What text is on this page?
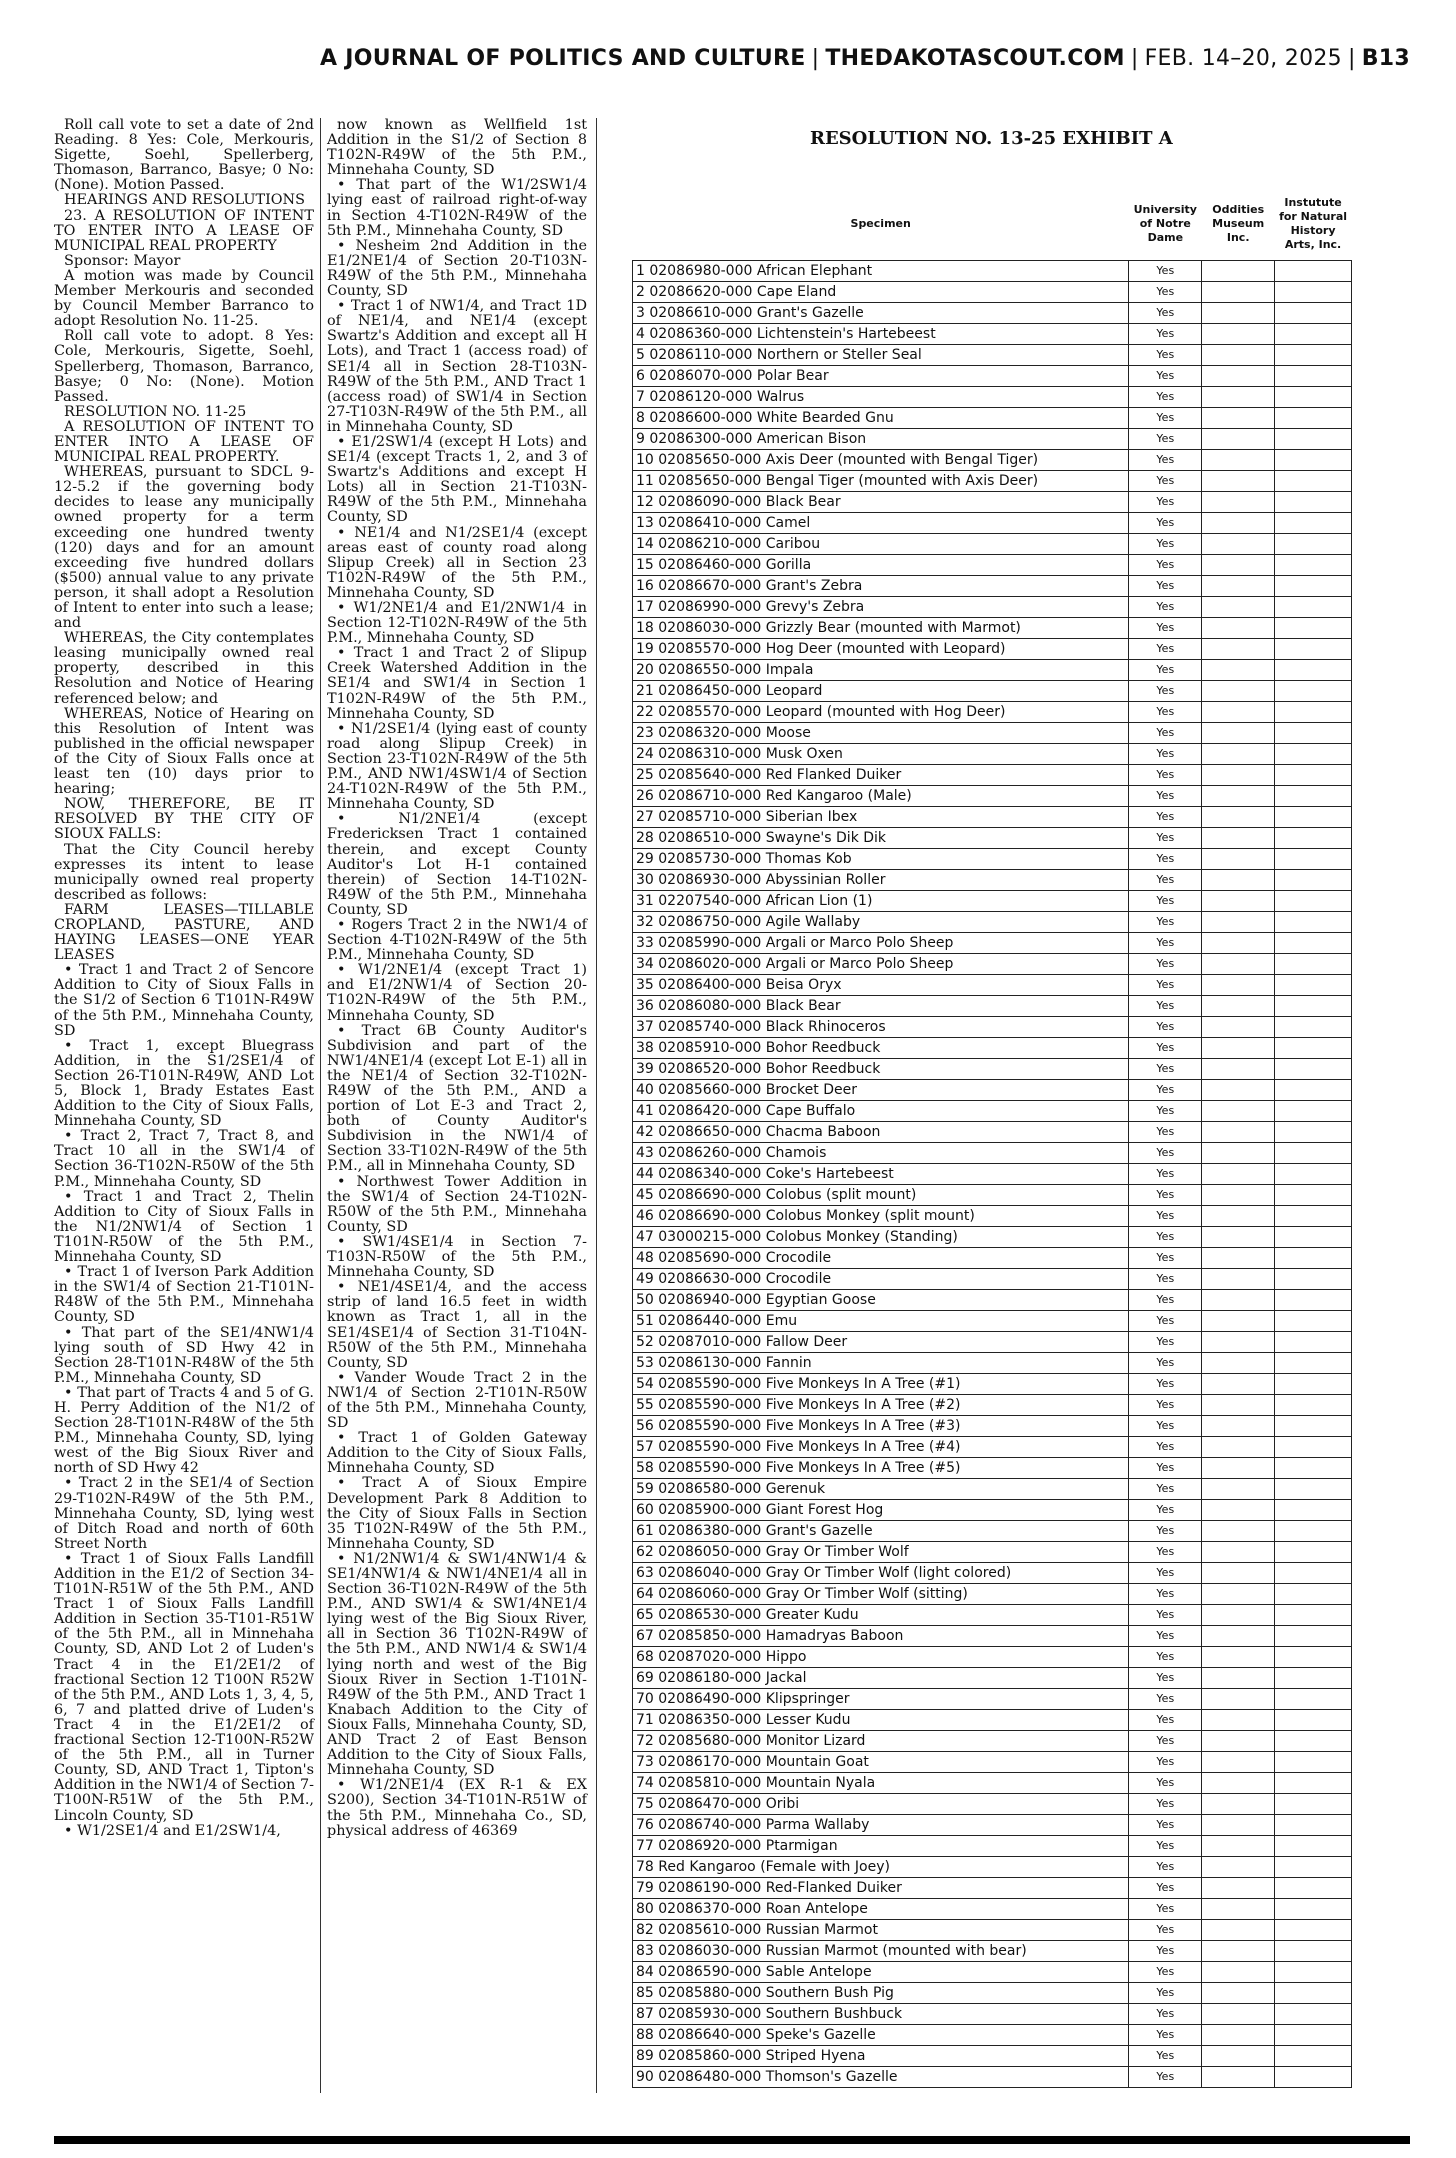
A JOURNAL OF POLITICS AND CULTURE | THEDAKOTASCOUT.COM | FEB. 14–20, 2025 | B13

Roll call vote to set a date of 2nd Reading. 8 Yes: Cole, Merkouris, Sigette, Soehl, Spellerberg, Thomason, Barranco, Basye; 0 No: (None). Motion Passed.

HEARINGS AND RESOLUTIONS

23. A RESOLUTION OF INTENT TO ENTER INTO A LEASE OF MUNICIPAL REAL PROPERTY

Sponsor: Mayor

A motion was made by Council Member Merkouris and seconded by Council Member Barranco to adopt Resolution No. 11-25.

Roll call vote to adopt. 8 Yes: Cole, Merkouris, Sigette, Soehl, Spellerberg, Thomason, Barranco, Basye; 0 No: (None). Motion Passed.

RESOLUTION NO. 11-25

A RESOLUTION OF INTENT TO ENTER INTO A LEASE OF MUNICIPAL REAL PROPERTY.

WHEREAS, pursuant to SDCL 9-12-5.2 if the governing body decides to lease any municipally owned property for a term exceeding one hundred twenty (120) days and for an amount exceeding five hundred dollars ($500) annual value to any private person, it shall adopt a Resolution of Intent to enter into such a lease; and

WHEREAS, the City contemplates leasing municipally owned real property, described in this Resolution and Notice of Hearing referenced below; and

WHEREAS, Notice of Hearing on this Resolution of Intent was published in the official newspaper of the City of Sioux Falls once at least ten (10) days prior to hearing;

NOW, THEREFORE, BE IT RESOLVED BY THE CITY OF SIOUX FALLS:

That the City Council hereby expresses its intent to lease municipally owned real property described as follows:

FARM LEASES—TILLABLE CROPLAND, PASTURE, AND HAYING LEASES—ONE YEAR LEASES

• Tract 1 and Tract 2 of Sencore Addition to City of Sioux Falls in the S1/2 of Section 6 T101N-R49W of the 5th P.M., Minnehaha County, SD

• Tract 1, except Bluegrass Addition, in the S1/2SE1/4 of Section 26-T101N-R49W, AND Lot 5, Block 1, Brady Estates East Addition to the City of Sioux Falls, Minnehaha County, SD

• Tract 2, Tract 7, Tract 8, and Tract 10 all in the SW1/4 of Section 36-T102N-R50W of the 5th P.M., Minnehaha County, SD

• Tract 1 and Tract 2, Thelin Addition to City of Sioux Falls in the N1/2NW1/4 of Section 1 T101N-R50W of the 5th P.M., Minnehaha County, SD

• Tract 1 of Iverson Park Addition in the SW1/4 of Section 21-T101N-R48W of the 5th P.M., Minnehaha County, SD

• That part of the SE1/4NW1/4 lying south of SD Hwy 42 in Section 28-T101N-R48W of the 5th P.M., Minnehaha County, SD

• That part of Tracts 4 and 5 of G. H. Perry Addition of the N1/2 of Section 28-T101N-R48W of the 5th P.M., Minnehaha County, SD, lying west of the Big Sioux River and north of SD Hwy 42

• Tract 2 in the SE1/4 of Section 29-T102N-R49W of the 5th P.M., Minnehaha County, SD, lying west of Ditch Road and north of 60th Street North

• Tract 1 of Sioux Falls Landfill Addition in the E1/2 of Section 34-T101N-R51W of the 5th P.M., AND Tract 1 of Sioux Falls Landfill Addition in Section 35-T101-R51W of the 5th P.M., all in Minnehaha County, SD, AND Lot 2 of Luden's Tract 4 in the E1/2E1/2 of fractional Section 12 T100N R52W of the 5th P.M., AND Lots 1, 3, 4, 5, 6, 7 and platted drive of Luden's Tract 4 in the E1/2E1/2 of fractional Section 12-T100N-R52W of the 5th P.M., all in Turner County, SD, AND Tract 1, Tipton's Addition in the NW1/4 of Section 7-T100N-R51W of the 5th P.M., Lincoln County, SD

• W1/2SE1/4 and E1/2SW1/4,

now known as Wellfield 1st Addition in the S1/2 of Section 8 T102N-R49W of the 5th P.M., Minnehaha County, SD

• That part of the W1/2SW1/4 lying east of railroad right-of-way in Section 4-T102N-R49W of the 5th P.M., Minnehaha County, SD

• Nesheim 2nd Addition in the E1/2NE1/4 of Section 20-T103N-R49W of the 5th P.M., Minnehaha County, SD

• Tract 1 of NW1/4, and Tract 1D of NE1/4, and NE1/4 (except Swartz's Addition and except all H Lots), and Tract 1 (access road) of SE1/4 all in Section 28-T103N-R49W of the 5th P.M., AND Tract 1 (access road) of SW1/4 in Section 27-T103N-R49W of the 5th P.M., all in Minnehaha County, SD

• E1/2SW1/4 (except H Lots) and SE1/4 (except Tracts 1, 2, and 3 of Swartz's Additions and except H Lots) all in Section 21-T103N-R49W of the 5th P.M., Minnehaha County, SD

• NE1/4 and N1/2SE1/4 (except areas east of county road along Slipup Creek) all in Section 23 T102N-R49W of the 5th P.M., Minnehaha County, SD

• W1/2NE1/4 and E1/2NW1/4 in Section 12-T102N-R49W of the 5th P.M., Minnehaha County, SD

• Tract 1 and Tract 2 of Slipup Creek Watershed Addition in the SE1/4 and SW1/4 in Section 1 T102N-R49W of the 5th P.M., Minnehaha County, SD

• N1/2SE1/4 (lying east of county road along Slipup Creek) in Section 23-T102N-R49W of the 5th P.M., AND NW1/4SW1/4 of Section 24-T102N-R49W of the 5th P.M., Minnehaha County, SD

• N1/2NE1/4 (except Fredericksen Tract 1 contained therein, and except County Auditor's Lot H-1 contained therein) of Section 14-T102N-R49W of the 5th P.M., Minnehaha County, SD

• Rogers Tract 2 in the NW1/4 of Section 4-T102N-R49W of the 5th P.M., Minnehaha County, SD

• W1/2NE1/4 (except Tract 1) and E1/2NW1/4 of Section 20-T102N-R49W of the 5th P.M., Minnehaha County, SD

• Tract 6B County Auditor's Subdivision and part of the NW1/4NE1/4 (except Lot E-1) all in the NE1/4 of Section 32-T102N-R49W of the 5th P.M., AND a portion of Lot E-3 and Tract 2, both of County Auditor's Subdivision in the NW1/4 of Section 33-T102N-R49W of the 5th P.M., all in Minnehaha County, SD

• Northwest Tower Addition in the SW1/4 of Section 24-T102N-R50W of the 5th P.M., Minnehaha County, SD

• SW1/4SE1/4 in Section 7-T103N-R50W of the 5th P.M., Minnehaha County, SD

• NE1/4SE1/4, and the access strip of land 16.5 feet in width known as Tract 1, all in the SE1/4SE1/4 of Section 31-T104N-R50W of the 5th P.M., Minnehaha County, SD

• Vander Woude Tract 2 in the NW1/4 of Section 2-T101N-R50W of the 5th P.M., Minnehaha County, SD

• Tract 1 of Golden Gateway Addition to the City of Sioux Falls, Minnehaha County, SD

• Tract A of Sioux Empire Development Park 8 Addition to the City of Sioux Falls in Section 35 T102N-R49W of the 5th P.M., Minnehaha County, SD

• N1/2NW1/4 & SW1/4NW1/4 & SE1/4NW1/4 & NW1/4NE1/4 all in Section 36-T102N-R49W of the 5th P.M., AND SW1/4 & SW1/4NE1/4 lying west of the Big Sioux River, all in Section 36 T102N-R49W of the 5th P.M., AND NW1/4 & SW1/4 lying north and west of the Big Sioux River in Section 1-T101N-R49W of the 5th P.M., AND Tract 1 Knabach Addition to the City of Sioux Falls, Minnehaha County, SD, AND Tract 2 of East Benson Addition to the City of Sioux Falls, Minnehaha County, SD

• W1/2NE1/4 (EX R-1 & EX S200), Section 34-T101N-R51W of the 5th P.M., Minnehaha Co., SD, physical address of 46369

RESOLUTION NO. 13-25 EXHIBIT A
Specimen	University of Notre Dame	Oddities Museum Inc.	Instutute for Natural History Arts, Inc.
1 02086980-000 African Elephant	Yes		
2 02086620-000 Cape Eland	Yes		
3 02086610-000 Grant's Gazelle	Yes		
4 02086360-000 Lichtenstein's Hartebeest	Yes		
5 02086110-000 Northern or Steller Seal	Yes		
6 02086070-000 Polar Bear	Yes		
7 02086120-000 Walrus	Yes		
8 02086600-000 White Bearded Gnu	Yes		
9 02086300-000 American Bison	Yes		
10 02085650-000 Axis Deer (mounted with Bengal Tiger)	Yes		
11 02085650-000 Bengal Tiger (mounted with Axis Deer)	Yes		
12 02086090-000 Black Bear	Yes		
13 02086410-000 Camel	Yes		
14 02086210-000 Caribou	Yes		
15 02086460-000 Gorilla	Yes		
16 02086670-000 Grant's Zebra	Yes		
17 02086990-000 Grevy's Zebra	Yes		
18 02086030-000 Grizzly Bear (mounted with Marmot)	Yes		
19 02085570-000 Hog Deer (mounted with Leopard)	Yes		
20 02086550-000 Impala	Yes		
21 02086450-000 Leopard	Yes		
22 02085570-000 Leopard (mounted with Hog Deer)	Yes		
23 02086320-000 Moose	Yes		
24 02086310-000 Musk Oxen	Yes		
25 02085640-000 Red Flanked Duiker	Yes		
26 02086710-000 Red Kangaroo (Male)	Yes		
27 02085710-000 Siberian Ibex	Yes		
28 02086510-000 Swayne's Dik Dik	Yes		
29 02085730-000 Thomas Kob	Yes		
30 02086930-000 Abyssinian Roller	Yes		
31 02207540-000 African Lion (1)	Yes		
32 02086750-000 Agile Wallaby	Yes		
33 02085990-000 Argali or Marco Polo Sheep	Yes		
34 02086020-000 Argali or Marco Polo Sheep	Yes		
35 02086400-000 Beisa Oryx	Yes		
36 02086080-000 Black Bear	Yes		
37 02085740-000 Black Rhinoceros	Yes		
38 02085910-000 Bohor Reedbuck	Yes		
39 02086520-000 Bohor Reedbuck	Yes		
40 02085660-000 Brocket Deer	Yes		
41 02086420-000 Cape Buffalo	Yes		
42 02086650-000 Chacma Baboon	Yes		
43 02086260-000 Chamois	Yes		
44 02086340-000 Coke's Hartebeest	Yes		
45 02086690-000 Colobus (split mount)	Yes		
46 02086690-000 Colobus Monkey (split mount)	Yes		
47 03000215-000 Colobus Monkey (Standing)	Yes		
48 02085690-000 Crocodile	Yes		
49 02086630-000 Crocodile	Yes		
50 02086940-000 Egyptian Goose	Yes		
51 02086440-000 Emu	Yes		
52 02087010-000 Fallow Deer	Yes		
53 02086130-000 Fannin	Yes		
54 02085590-000 Five Monkeys In A Tree (#1)	Yes		
55 02085590-000 Five Monkeys In A Tree (#2)	Yes		
56 02085590-000 Five Monkeys In A Tree (#3)	Yes		
57 02085590-000 Five Monkeys In A Tree (#4)	Yes		
58 02085590-000 Five Monkeys In A Tree (#5)	Yes		
59 02086580-000 Gerenuk	Yes		
60 02085900-000 Giant Forest Hog	Yes		
61 02086380-000 Grant's Gazelle	Yes		
62 02086050-000 Gray Or Timber Wolf	Yes		
63 02086040-000 Gray Or Timber Wolf (light colored)	Yes		
64 02086060-000 Gray Or Timber Wolf (sitting)	Yes		
65 02086530-000 Greater Kudu	Yes		
67 02085850-000 Hamadryas Baboon	Yes		
68 02087020-000 Hippo	Yes		
69 02086180-000 Jackal	Yes		
70 02086490-000 Klipspringer	Yes		
71 02086350-000 Lesser Kudu	Yes		
72 02085680-000 Monitor Lizard	Yes		
73 02086170-000 Mountain Goat	Yes		
74 02085810-000 Mountain Nyala	Yes		
75 02086470-000 Oribi	Yes		
76 02086740-000 Parma Wallaby	Yes		
77 02086920-000 Ptarmigan	Yes		
78 Red Kangaroo (Female with Joey)	Yes		
79 02086190-000 Red-Flanked Duiker	Yes		
80 02086370-000 Roan Antelope	Yes		
82 02085610-000 Russian Marmot	Yes		
83 02086030-000 Russian Marmot (mounted with bear)	Yes		
84 02086590-000 Sable Antelope	Yes		
85 02085880-000 Southern Bush Pig	Yes		
87 02085930-000 Southern Bushbuck	Yes		
88 02086640-000 Speke's Gazelle	Yes		
89 02085860-000 Striped Hyena	Yes		
90 02086480-000 Thomson's Gazelle	Yes		
